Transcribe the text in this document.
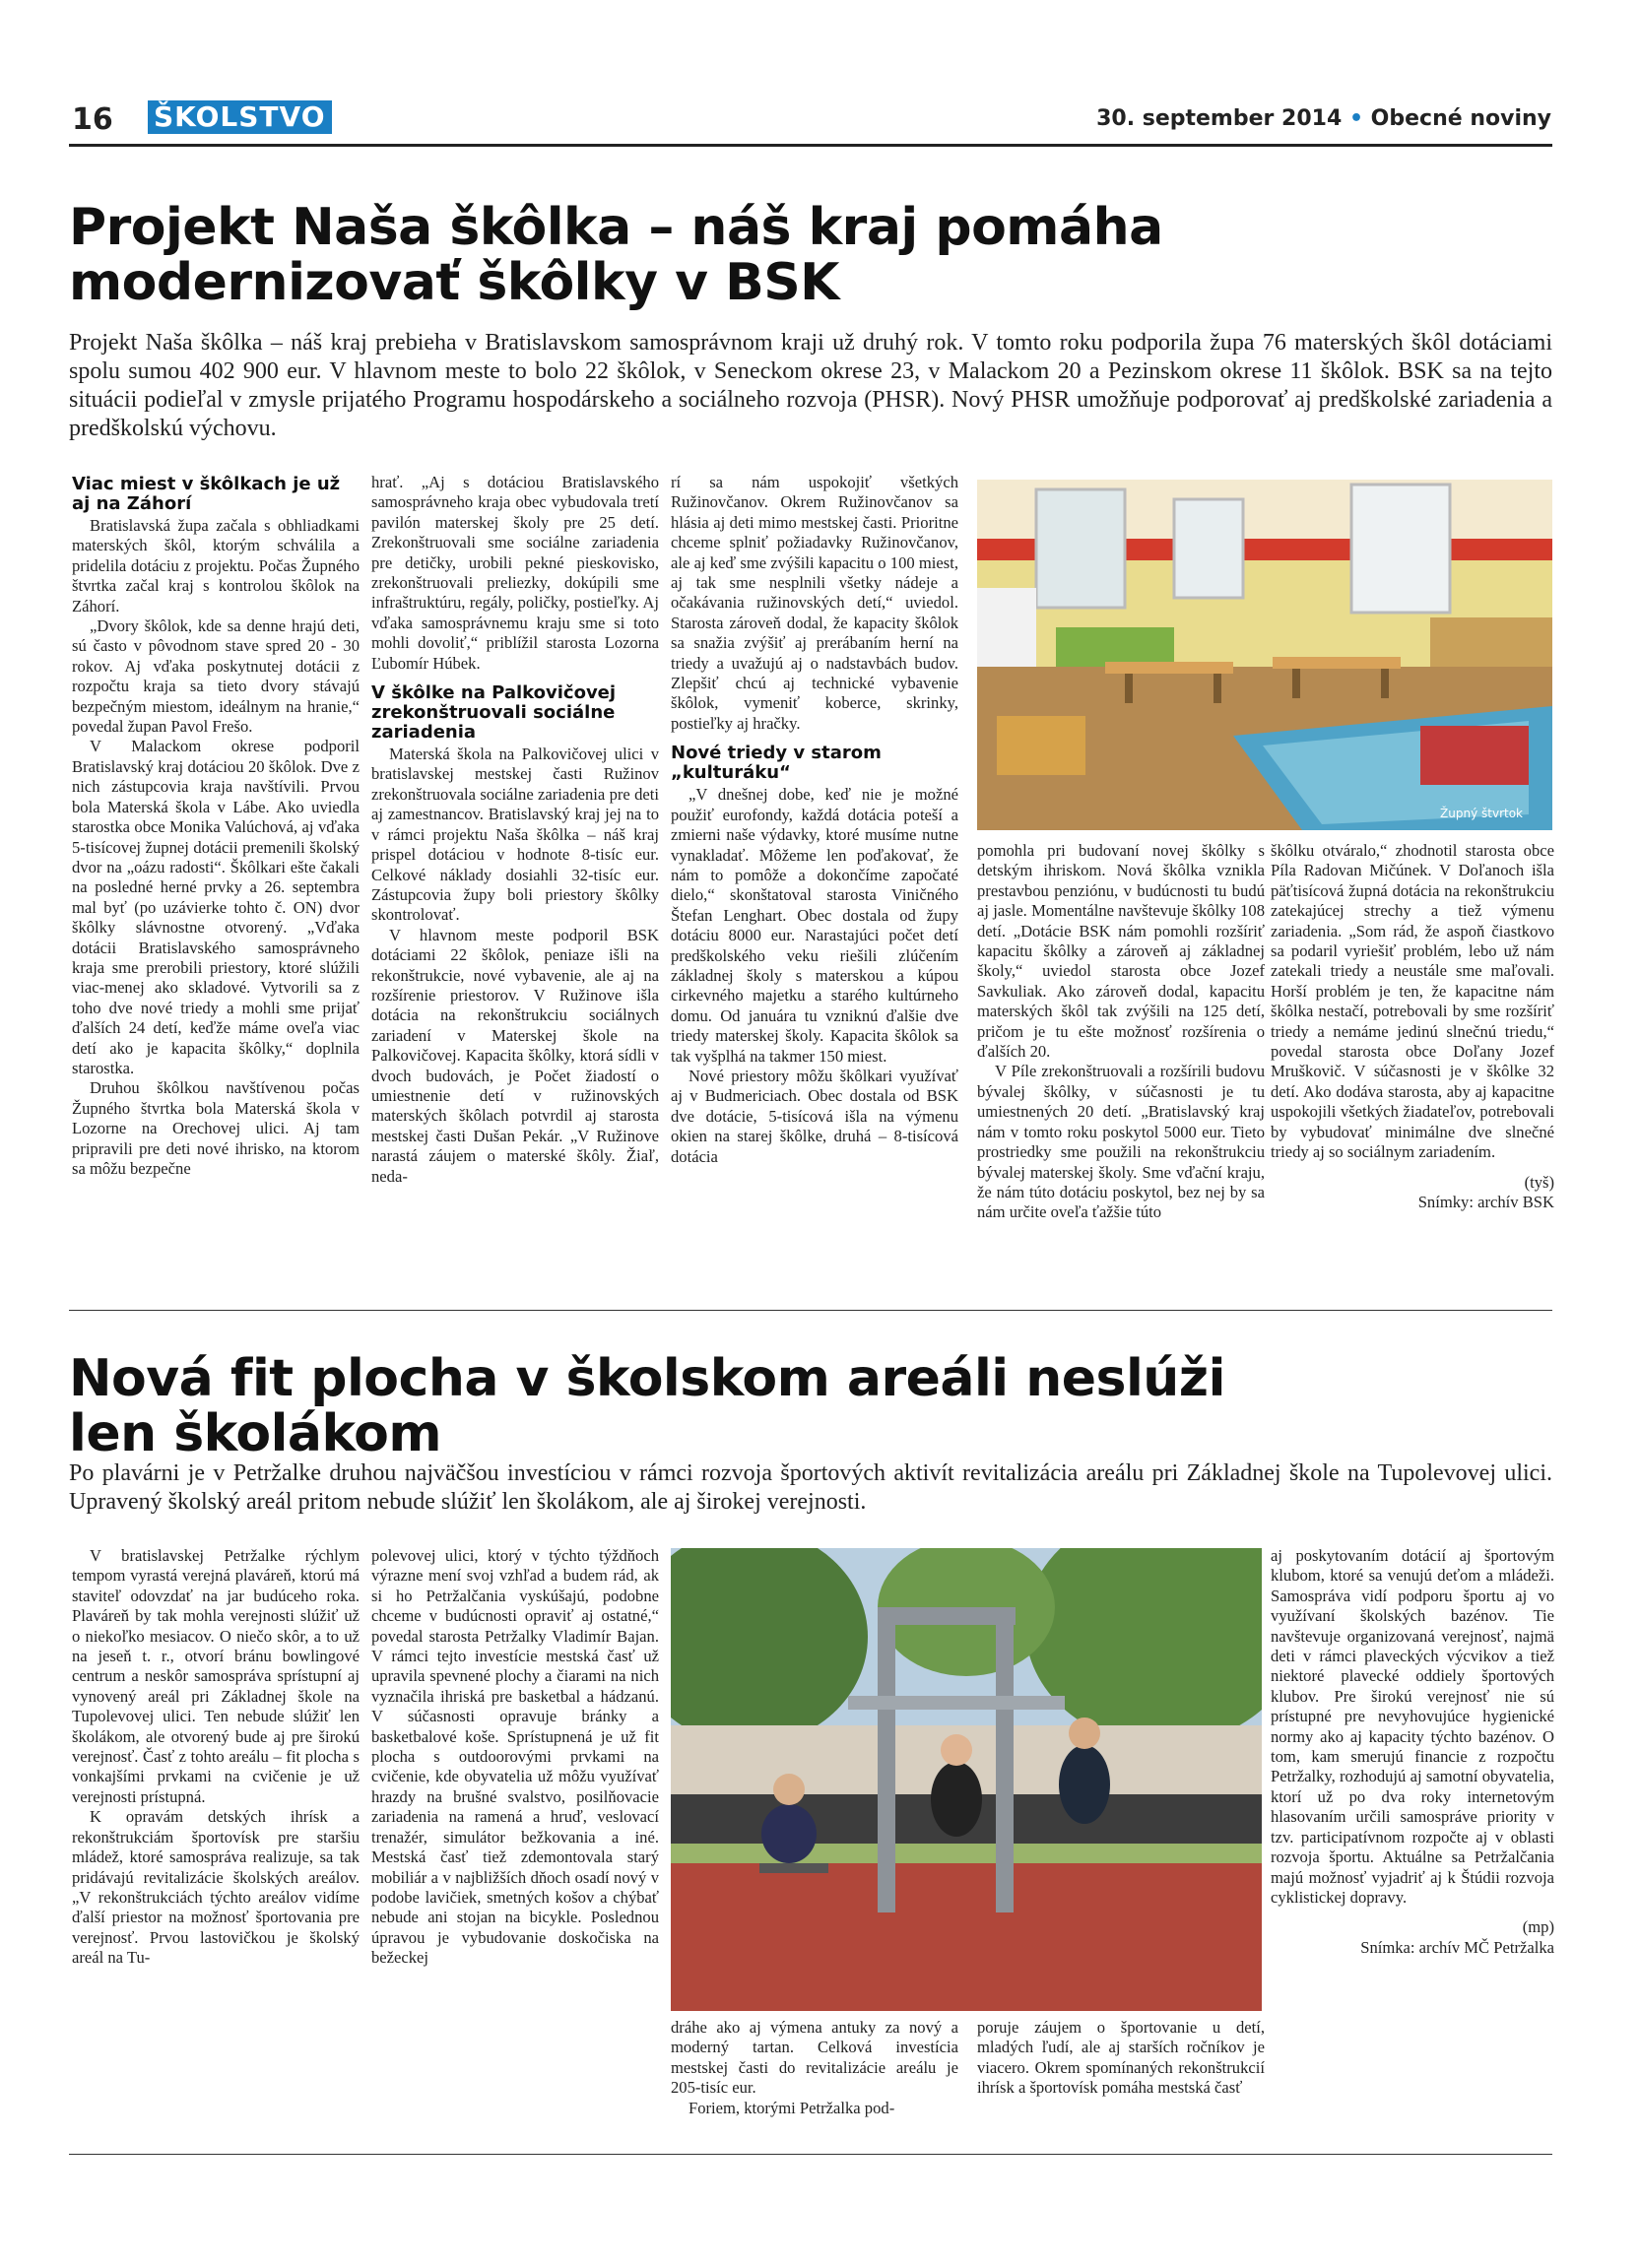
16 ŠKOLSTVO	30. september 2014 • Obecné noviny
Projekt Naša škôlka – náš kraj pomáha
modernizovať škôlky v BSK
Projekt Naša škôlka – náš kraj prebieha v Bratislavskom samosprávnom kraji už druhý rok. V tomto roku podporila župa 76 materských škôl dotáciami spolu sumou 402 900 eur. V hlavnom meste to bolo 22 škôlok, v Seneckom okrese 23, v Malackom 20 a Pezinskom okrese 11 škôlok. BSK sa na tejto situácii podieľal v zmysle prijatého Programu hospodárskeho a sociálneho rozvoja (PHSR). Nový PHSR umožňuje podporovať aj predškolské zariadenia a predškolskú výchovu.
Viac miest v škôlkach je už aj na Záhorí

Bratislavská župa začala s obhliadkami materských škôl, ktorým schválila a pridelila dotáciu z projektu. Počas Župného štvrtka začal kraj s kontrolou škôlok na Záhorí.

„Dvory škôlok, kde sa denne hrajú deti, sú často v pôvodnom stave spred 20 - 30 rokov. Aj vďaka poskytnutej dotácii z rozpočtu kraja sa tieto dvory stávajú bezpečným miestom, ideálnym na hranie,“ povedal župan Pavol Frešo.

V Malackom okrese podporil Bratislavský kraj dotáciou 20 škôlok. Dve z nich zástupcovia kraja navštívili. Prvou bola Materská škola v Lábe. Ako uviedla starostka obce Monika Valúchová, aj vďaka 5-tisícovej župnej dotácii premenili školský dvor na „oázu radosti“. Škôlkari ešte čakali na posledné herné prvky a 26. septembra mal byť (po uzávierke tohto č. ON) dvor škôlky slávnostne otvorený. „Vďaka dotácii Bratislavského samosprávneho kraja sme prerobili priestory, ktoré slúžili viac-menej ako skladové. Vytvorili sa z toho dve nové triedy a mohli sme prijať ďalších 24 detí, keďže máme oveľa viac detí ako je kapacita škôlky,“ doplnila starostka.

Druhou škôlkou navštívenou počas Župného štvrtka bola Materská škola v Lozorne na Orechovej ulici. Aj tam pripravili pre deti nové ihrisko, na ktorom sa môžu bezpečne

hrať. „Aj s dotáciou Bratislavského samosprávneho kraja obec vybudovala tretí pavilón materskej školy pre 25 detí. Zrekonštruovali sme sociálne zariadenia pre detičky, urobili pekné pieskovisko, zrekonštruovali preliezky, dokúpili sme infraštruktúru, regály, poličky, postieľky. Aj vďaka samosprávnemu kraju sme si toto mohli dovoliť,“ priblížil starosta Lozorna Ľubomír Húbek.

V škôlke na Palkovičovej zrekonštruovali sociálne zariadenia

Materská škola na Palkovičovej ulici v bratislavskej mestskej časti Ružinov zrekonštruovala sociálne zariadenia pre deti aj zamestnancov. Bratislavský kraj jej na to v rámci projektu Naša škôlka – náš kraj prispel dotáciou v hodnote 8-tisíc eur. Celkové náklady dosiahli 32-tisíc eur. Zástupcovia župy boli priestory škôlky skontrolovať.

V hlavnom meste podporil BSK dotáciami 22 škôlok, peniaze išli na rekonštrukcie, nové vybavenie, ale aj na rozšírenie priestorov. V Ružinove išla dotácia na rekonštrukciu sociálnych zariadení v Materskej škole na Palkovičovej. Kapacita škôlky, ktorá sídli v dvoch budovách, je Počet žiadostí o umiestnenie detí v ružinovských materských škôlach potvrdil aj starosta mestskej časti Dušan Pekár. „V Ružinove narastá záujem o materské škôly. Žiaľ, neda-

rí sa nám uspokojiť všetkých Ružinovčanov. Okrem Ružinovčanov sa hlásia aj deti mimo mestskej časti. Prioritne chceme splniť požiadavky Ružinovčanov, ale aj keď sme zvýšili kapacitu o 100 miest, aj tak sme nesplnili všetky nádeje a očakávania ružinovských detí,“ uviedol. Starosta zároveň dodal, že kapacity škôlok sa snažia zvýšiť aj prerábaním herní na triedy a uvažujú aj o nadstavbách budov. Zlepšiť chcú aj technické vybavenie škôlok, vymeniť koberce, skrinky, postieľky aj hračky.

Nové triedy v starom „kulturáku“

„V dnešnej dobe, keď nie je možné použiť eurofondy, každá dotácia poteší a zmierni naše výdavky, ktoré musíme nutne vynakladať. Môžeme len poďakovať, že nám to pomôže a dokončíme započaté dielo,“ skonštatoval starosta Viničného Štefan Lenghart. Obec dostala od župy dotáciu 8000 eur. Narastajúci počet detí predškolského veku riešili zlúčením základnej školy s materskou a kúpou cirkevného majetku a starého kultúrneho domu. Od januára tu vzniknú ďalšie dve triedy materskej školy. Kapacita škôlok sa tak vyšplhá na takmer 150 miest.

Nové priestory môžu škôlkari využívať aj v Budmericiach. Obec dostala od BSK dve dotácie, 5-tisícová išla na výmenu okien na starej škôlke, druhá – 8-tisícová dotácia

Župný štvrtok

pomohla pri budovaní novej škôlky s detským ihriskom. Nová škôlka vznikla prestavbou penziónu, v budúcnosti tu budú aj jasle. Momentálne navštevuje škôlky 108 detí. „Dotácie BSK nám pomohli rozšíriť kapacitu škôlky a zároveň aj základnej školy,“ uviedol starosta obce Jozef Savkuliak. Ako zároveň dodal, kapacitu materských škôl tak zvýšili na 125 detí, pričom je tu ešte možnosť rozšírenia o ďalších 20.

V Píle zrekonštruovali a rozšírili budovu bývalej škôlky, v súčasnosti je tu umiestnených 20 detí. „Bratislavský kraj nám v tomto roku poskytol 5000 eur. Tieto prostriedky sme použili na rekonštrukciu bývalej materskej školy. Sme vďační kraju, že nám túto dotáciu poskytol, bez nej by sa nám určite oveľa ťažšie túto

škôlku otváralo,“ zhodnotil starosta obce Píla Radovan Mičúnek. V Doľanoch išla päťtisícová župná dotácia na rekonštrukciu zatekajúcej strechy a tiež výmenu zariadenia. „Som rád, že aspoň čiastkovo sa podaril vyriešiť problém, lebo už nám zatekali triedy a neustále sme maľovali. Horší problém je ten, že kapacitne nám škôlka nestačí, potrebovali by sme rozšíriť triedy a nemáme jedinú slnečnú triedu,“ povedal starosta obce Doľany Jozef Mruškovič. V súčasnosti je v škôlke 32 detí. Ako dodáva starosta, aby aj kapacitne uspokojili všetkých žiadateľov, potrebovali by vybudovať minimálne dve slnečné triedy aj so sociálnym zariadením.

(tyš)

Snímky: archív BSK

Nová fit plocha v školskom areáli neslúži
len školákom
Po plavárni je v Petržalke druhou najväčšou investíciou v rámci rozvoja športových aktivít revitalizácia areálu pri Základnej škole na Tupolevovej ulici. Upravený školský areál pritom nebude slúžiť len školákom, ale aj širokej verejnosti.

V bratislavskej Petržalke rýchlym tempom vyrastá verejná plaváreň, ktorú má staviteľ odovzdať na jar budúceho roka. Plaváreň by tak mohla verejnosti slúžiť už o niekoľko mesiacov. O niečo skôr, a to už na jeseň t. r., otvorí bránu bowlingové centrum a neskôr samospráva sprístupní aj vynovený areál pri Základnej škole na Tupolevovej ulici. Ten nebude slúžiť len školákom, ale otvorený bude aj pre širokú verejnosť. Časť z tohto areálu – fit plocha s vonkajšími prvkami na cvičenie je už verejnosti prístupná.

K opravám detských ihrísk a rekonštrukciám športovísk pre staršiu mládež, ktoré samospráva realizuje, sa tak pridávajú revitalizácie školských areálov. „V rekonštrukciách týchto areálov vidíme ďalší priestor na možnosť športovania pre verejnosť. Prvou lastovičkou je školský areál na Tu-

polevovej ulici, ktorý v týchto týždňoch výrazne mení svoj vzhľad a budem rád, ak si ho Petržalčania vyskúšajú, podobne chceme v budúcnosti opraviť aj ostatné,“ povedal starosta Petržalky Vladimír Bajan. V rámci tejto investície mestská časť už upravila spevnené plochy a čiarami na nich vyznačila ihriská pre basketbal a hádzanú. V súčasnosti opravuje bránky a basketbalové koše. Sprístupnená je už fit plocha s outdoorovými prvkami na cvičenie, kde obyvatelia už môžu využívať hrazdy na brušné svalstvo, posilňovacie zariadenia na ramená a hruď, veslovací trenažér, simulátor bežkovania a iné. Mestská časť tiež zdemontovala starý mobiliár a v najbližších dňoch osadí nový v podobe lavičiek, smetných košov a chýbať nebude ani stojan na bicykle. Poslednou úpravou je vybudovanie doskočiska na bežeckej

dráhe ako aj výmena antuky za nový a moderný tartan. Celková investícia mestskej časti do revitalizácie areálu je 205-tisíc eur.

Foriem, ktorými Petržalka pod-

poruje záujem o športovanie u detí, mladých ľudí, ale aj starších ročníkov je viacero. Okrem spomínaných rekonštrukcií ihrísk a športovísk pomáha mestská časť

aj poskytovaním dotácií aj športovým klubom, ktoré sa venujú deťom a mládeži. Samospráva vidí podporu športu aj vo využívaní školských bazénov. Tie navštevuje organizovaná verejnosť, najmä deti v rámci plaveckých výcvikov a tiež niektoré plavecké oddiely športových klubov. Pre širokú verejnosť nie sú prístupné pre nevyhovujúce hygienické normy ako aj kapacity týchto bazénov. O tom, kam smerujú financie z rozpočtu Petržalky, rozhodujú aj samotní obyvatelia, ktorí už po dva roky internetovým hlasovaním určili samospráve priority v tzv. participatívnom rozpočte aj v oblasti rozvoja športu. Aktuálne sa Petržalčania majú možnosť vyjadriť aj k Štúdii rozvoja cyklistickej dopravy.

(mp)

Snímka: archív MČ Petržalka
